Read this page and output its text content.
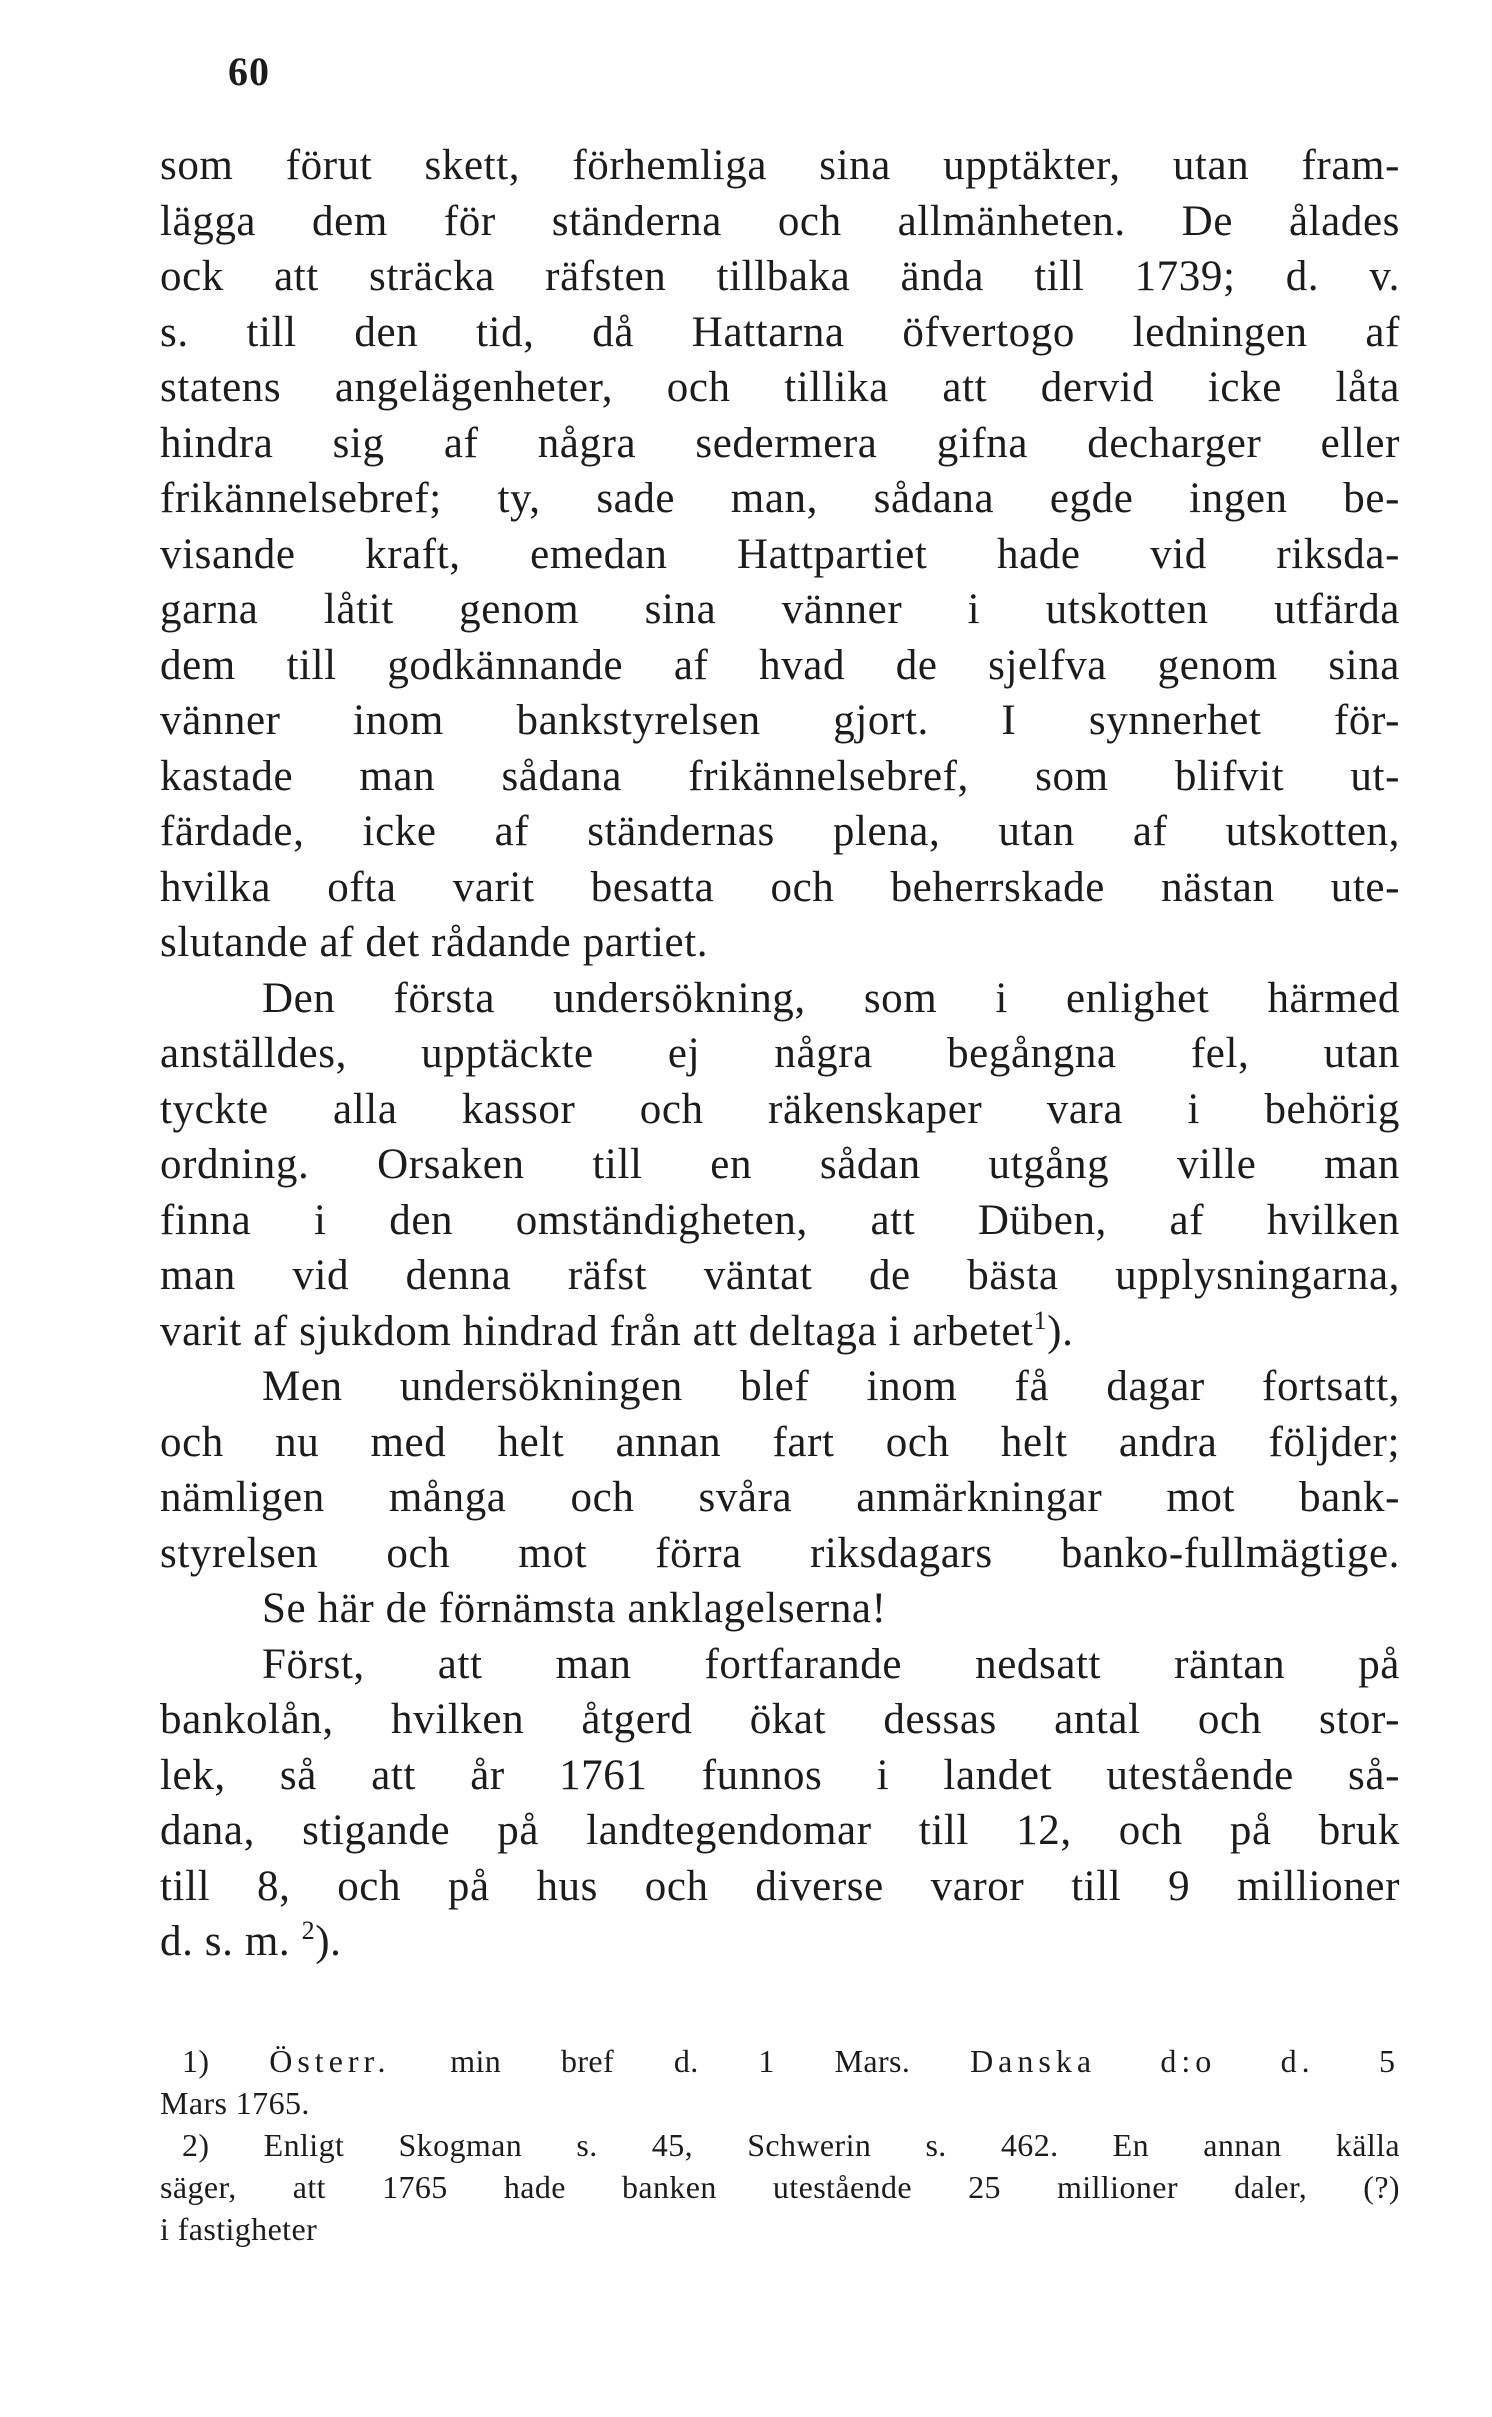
60
som förut skett, förhemliga sina upptäkter, utan fram-
lägga dem för ständerna och allmänheten. De ålades
ock att sträcka räfsten tillbaka ända till 1739; d. v.
s. till den tid, då Hattarna öfvertogo ledningen af
statens angelägenheter, och tillika att dervid icke låta
hindra sig af några sedermera gifna decharger eller
frikännelsebref; ty, sade man, sådana egde ingen be-
visande kraft, emedan Hattpartiet hade vid riksda-
garna låtit genom sina vänner i utskotten utfärda
dem till godkännande af hvad de sjelfva genom sina
vänner inom bankstyrelsen gjort. I synnerhet för-
kastade man sådana frikännelsebref, som blifvit ut-
färdade, icke af ständernas plena, utan af utskotten,
hvilka ofta varit besatta och beherrskade nästan ute-
slutande af det rådande partiet.
Den första undersökning, som i enlighet härmed
anställdes, upptäckte ej några begångna fel, utan
tyckte alla kassor och räkenskaper vara i behörig
ordning. Orsaken till en sådan utgång ville man
finna i den omständigheten, att Düben, af hvilken
man vid denna räfst väntat de bästa upplysningarna,
varit af sjukdom hindrad från att deltaga i arbetet$^1$).
Men undersökningen blef inom få dagar fortsatt,
och nu med helt annan fart och helt andra följder;
nämligen många och svåra anmärkningar mot bank-
styrelsen och mot förra riksdagars banko-fullmägtige.
Se här de förnämsta anklagelserna!
Först, att man fortfarande nedsatt räntan på
bankolån, hvilken åtgerd ökat dessas antal och stor-
lek, så att år 1761 funnos i landet utestående så-
dana, stigande på landtegendomar till 12, och på bruk
till 8, och på hus och diverse varor till 9 millioner
d. s. m. $^2$).
1) Österr. min bref d. 1 Mars. Danska d:o d. 5
Mars 1765.
2) Enligt Skogman s. 45, Schwerin s. 462. En annan källa
säger, att 1765 hade banken utestående 25 millioner daler, (?)
i fastigheter
